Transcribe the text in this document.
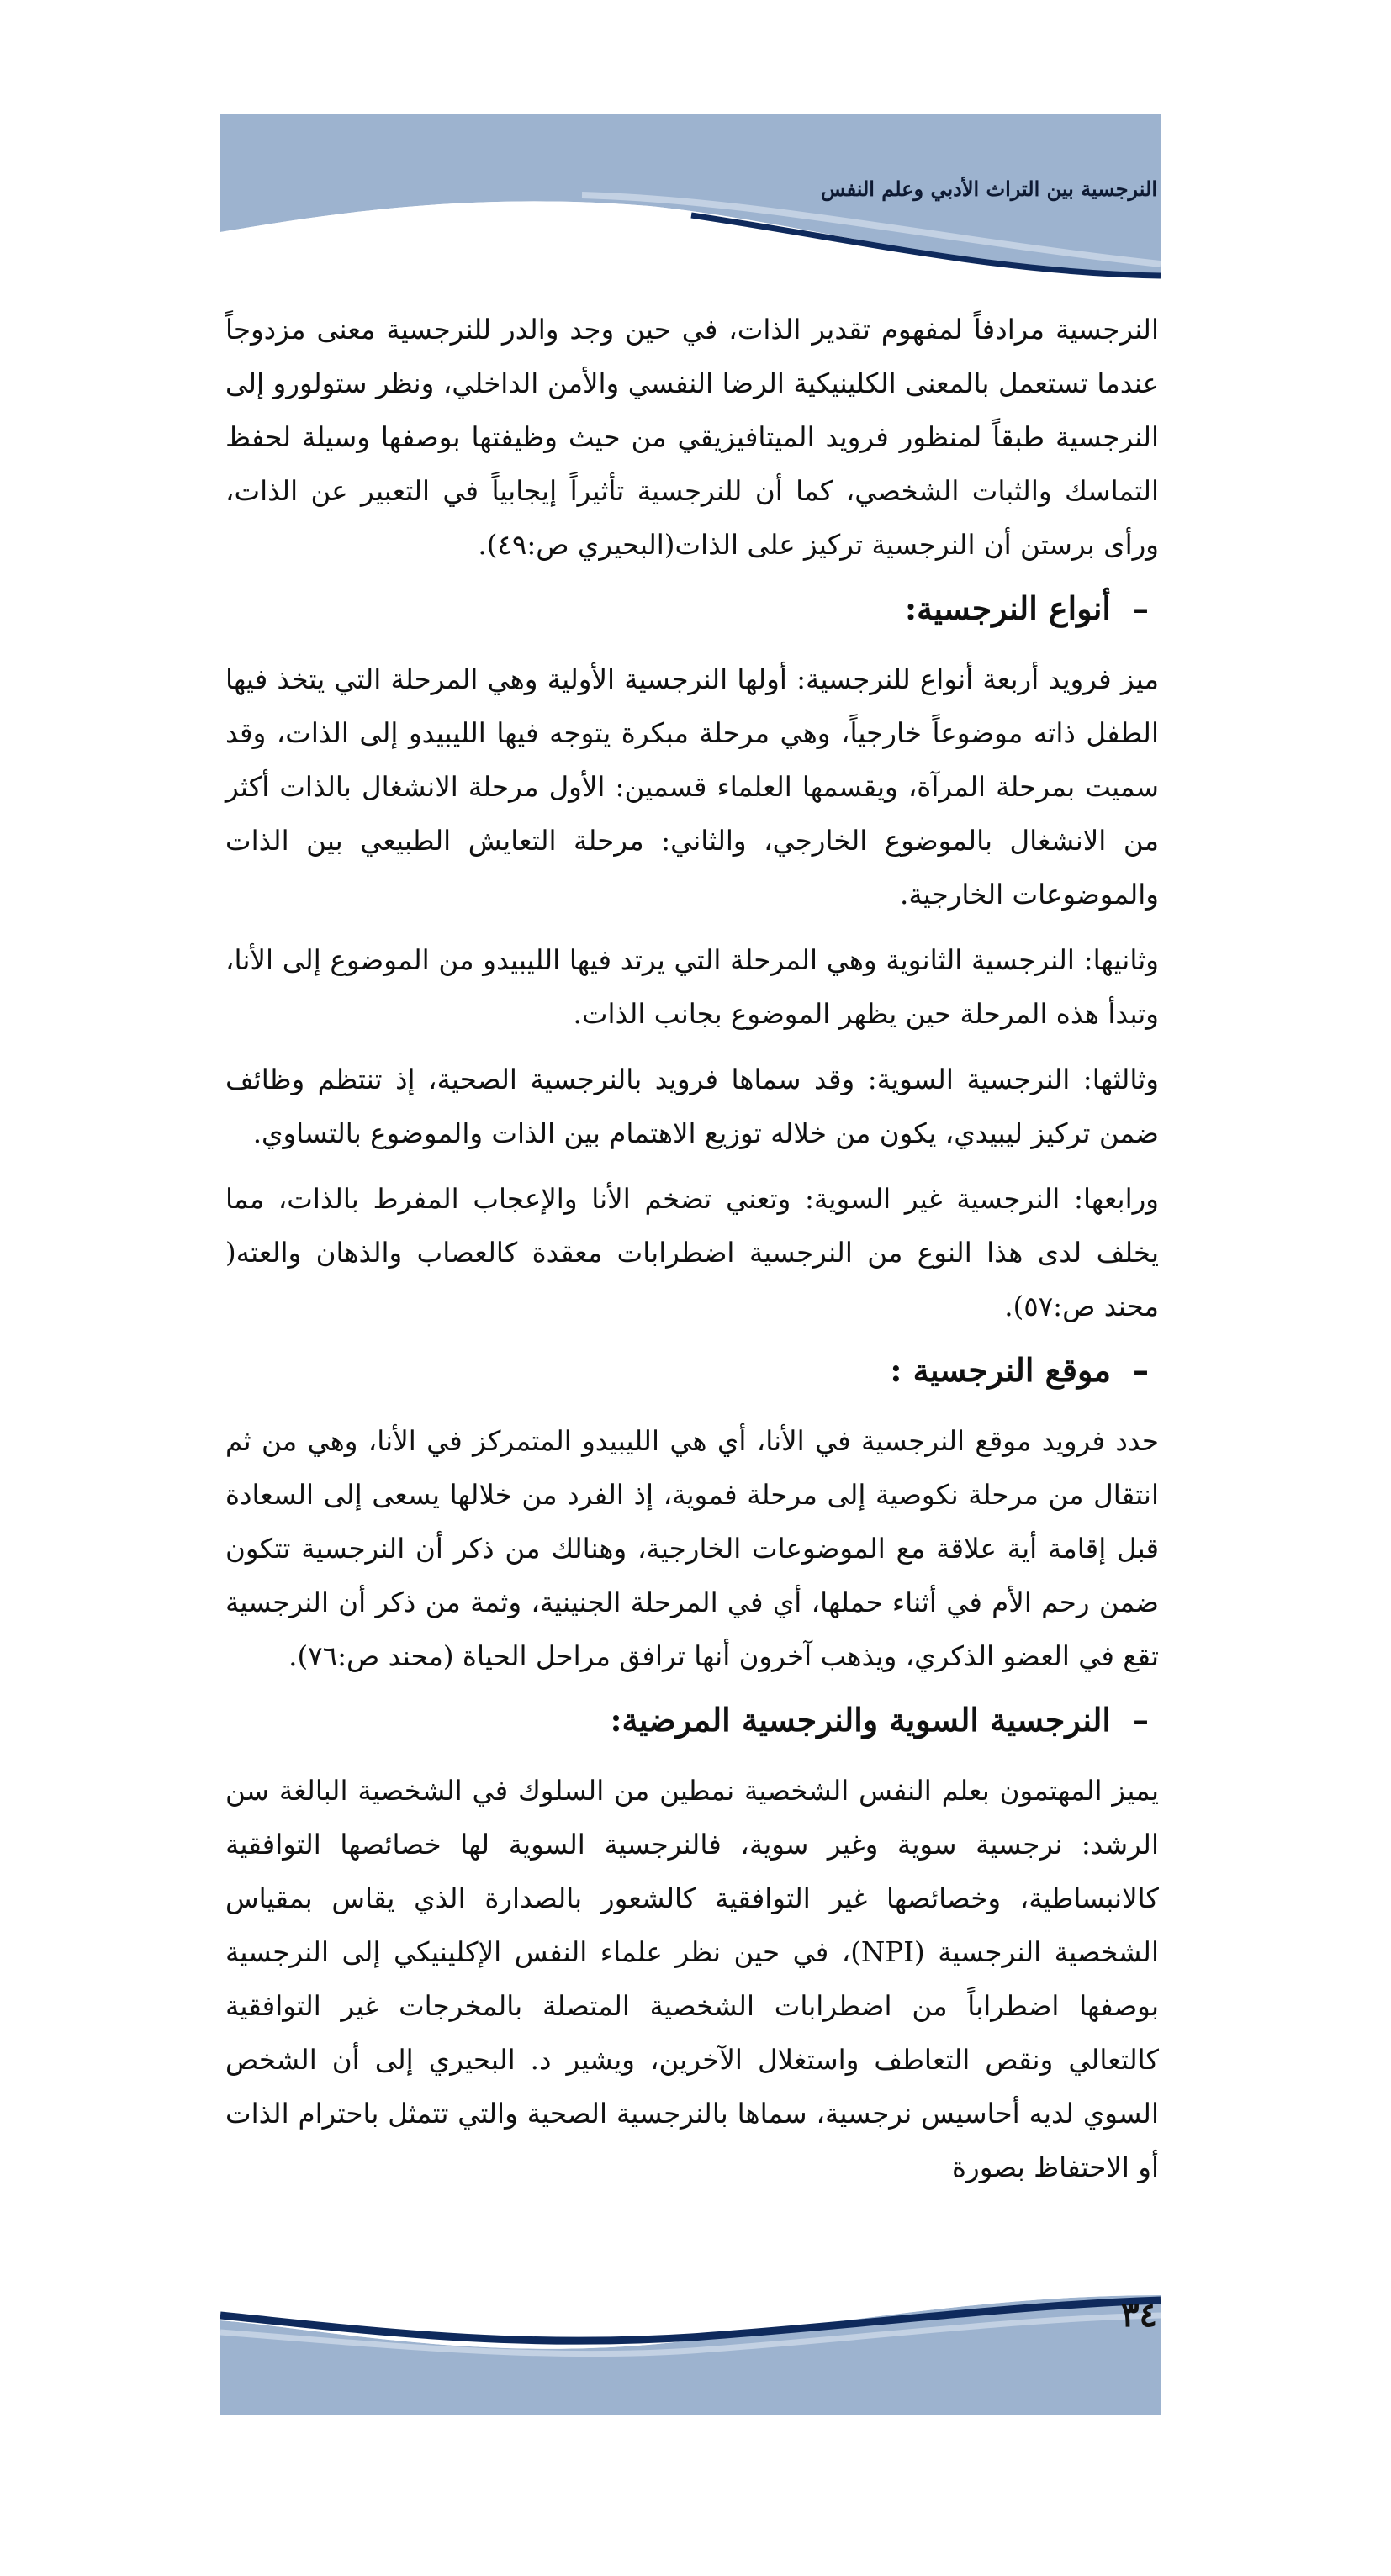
النرجسية بين التراث الأدبي وعلم النفس

النرجسية مرادفاً لمفهوم تقدير الذات، في حين وجد والدر للنرجسية معنى مزدوجاً عندما تستعمل بالمعنى الكلينيكية الرضا النفسي والأمن الداخلي، ونظر ستولورو إلى النرجسية طبقاً لمنظور فرويد الميتافيزيقي من حيث وظيفتها بوصفها وسيلة لحفظ التماسك والثبات الشخصي، كما أن للنرجسية تأثيراً إيجابياً في التعبير عن الذات، ورأى برستن أن النرجسية تركيز على الذات(البحيري ص:٤٩).

–أنواع النرجسية:

ميز فرويد أربعة أنواع للنرجسية: أولها النرجسية الأولية وهي المرحلة التي يتخذ فيها الطفل ذاته موضوعاً خارجياً، وهي مرحلة مبكرة يتوجه فيها الليبيدو إلى الذات، وقد سميت بمرحلة المرآة، ويقسمها العلماء قسمين: الأول مرحلة الانشغال بالذات أكثر من الانشغال بالموضوع الخارجي، والثاني: مرحلة التعايش الطبيعي بين الذات والموضوعات الخارجية.

وثانيها: النرجسية الثانوية وهي المرحلة التي يرتد فيها الليبيدو من الموضوع إلى الأنا، وتبدأ هذه المرحلة حين يظهر الموضوع بجانب الذات.

وثالثها: النرجسية السوية: وقد سماها فرويد بالنرجسية الصحية، إذ تنتظم وظائف ضمن تركيز ليبيدي، يكون من خلاله توزيع الاهتمام بين الذات والموضوع بالتساوي.

ورابعها: النرجسية غير السوية: وتعني تضخم الأنا والإعجاب المفرط بالذات، مما يخلف لدى هذا النوع من النرجسية اضطرابات معقدة كالعصاب والذهان والعته( محند ص:٥٧).

–موقع النرجسية :

حدد فرويد موقع النرجسية في الأنا، أي هي الليبيدو المتمركز في الأنا، وهي من ثم انتقال من مرحلة نكوصية إلى مرحلة فموية، إذ الفرد من خلالها يسعى إلى السعادة قبل إقامة أية علاقة مع الموضوعات الخارجية، وهنالك من ذكر أن النرجسية تتكون ضمن رحم الأم في أثناء حملها، أي في المرحلة الجنينية، وثمة من ذكر أن النرجسية تقع في العضو الذكري، ويذهب آخرون أنها ترافق مراحل الحياة (محند ص:٧٦).

–النرجسية السوية والنرجسية المرضية:

يميز المهتمون بعلم النفس الشخصية نمطين من السلوك في الشخصية البالغة سن الرشد: نرجسية سوية وغير سوية، فالنرجسية السوية لها خصائصها التوافقية كالانبساطية، وخصائصها غير التوافقية كالشعور بالصدارة الذي يقاس بمقياس الشخصية النرجسية (NPI)، في حين نظر علماء النفس الإكلينيكي إلى النرجسية بوصفها اضطراباً من اضطرابات الشخصية المتصلة بالمخرجات غير التوافقية كالتعالي ونقص التعاطف واستغلال الآخرين، ويشير د. البحيري إلى أن الشخص السوي لديه أحاسيس نرجسية، سماها بالنرجسية الصحية والتي تتمثل باحترام الذات أو الاحتفاظ بصورة

٣٤
